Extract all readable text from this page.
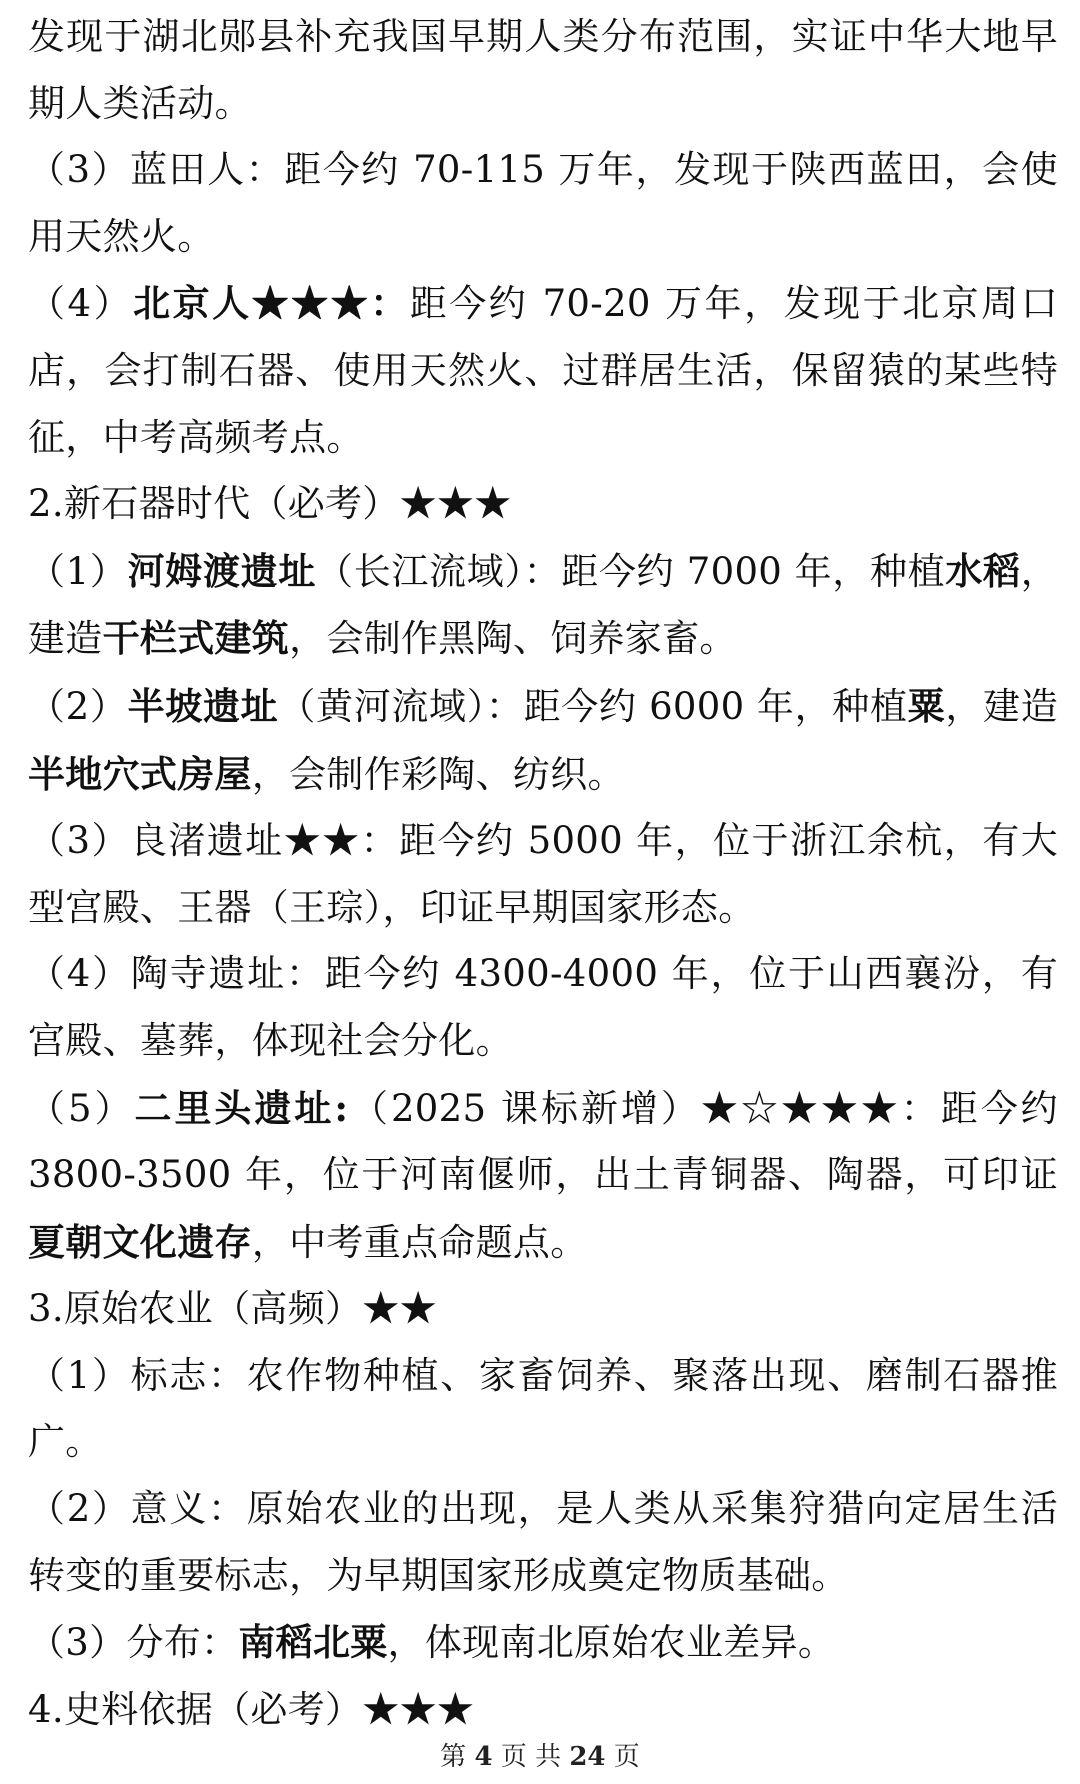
发现于湖北郧县补充我国早期人类分布范围，实证中华大地早期人类活动。

（3）蓝田人：距今约 70-115 万年，发现于陕西蓝田，会使用天然火。

（4）北京人★★★：距今约 70-20 万年，发现于北京周口店，会打制石器、使用天然火、过群居生活，保留猿的某些特征，中考高频考点。

2.新石器时代（必考）★★★

（1）河姆渡遗址（长江流域）：距今约 7000 年，种植水稻，建造干栏式建筑，会制作黑陶、饲养家畜。

（2）半坡遗址（黄河流域）：距今约 6000 年，种植粟，建造半地穴式房屋，会制作彩陶、纺织。

（3）良渚遗址★★：距今约 5000 年，位于浙江余杭，有大型宫殿、王器（王琮），印证早期国家形态。

（4）陶寺遗址：距今约 4300-4000 年，位于山西襄汾，有宫殿、墓葬，体现社会分化。

（5）二里头遗址:（2025 课标新增）★☆★★★：距今约 3800-3500 年，位于河南偃师，出土青铜器、陶器，可印证夏朝文化遗存，中考重点命题点。

3.原始农业（高频）★★

（1）标志：农作物种植、家畜饲养、聚落出现、磨制石器推广。

（2）意义：原始农业的出现，是人类从采集狩猎向定居生活转变的重要标志，为早期国家形成奠定物质基础。

（3）分布：南稻北粟，体现南北原始农业差异。

4.史料依据（必考）★★★

第 4 页 共 24 页
